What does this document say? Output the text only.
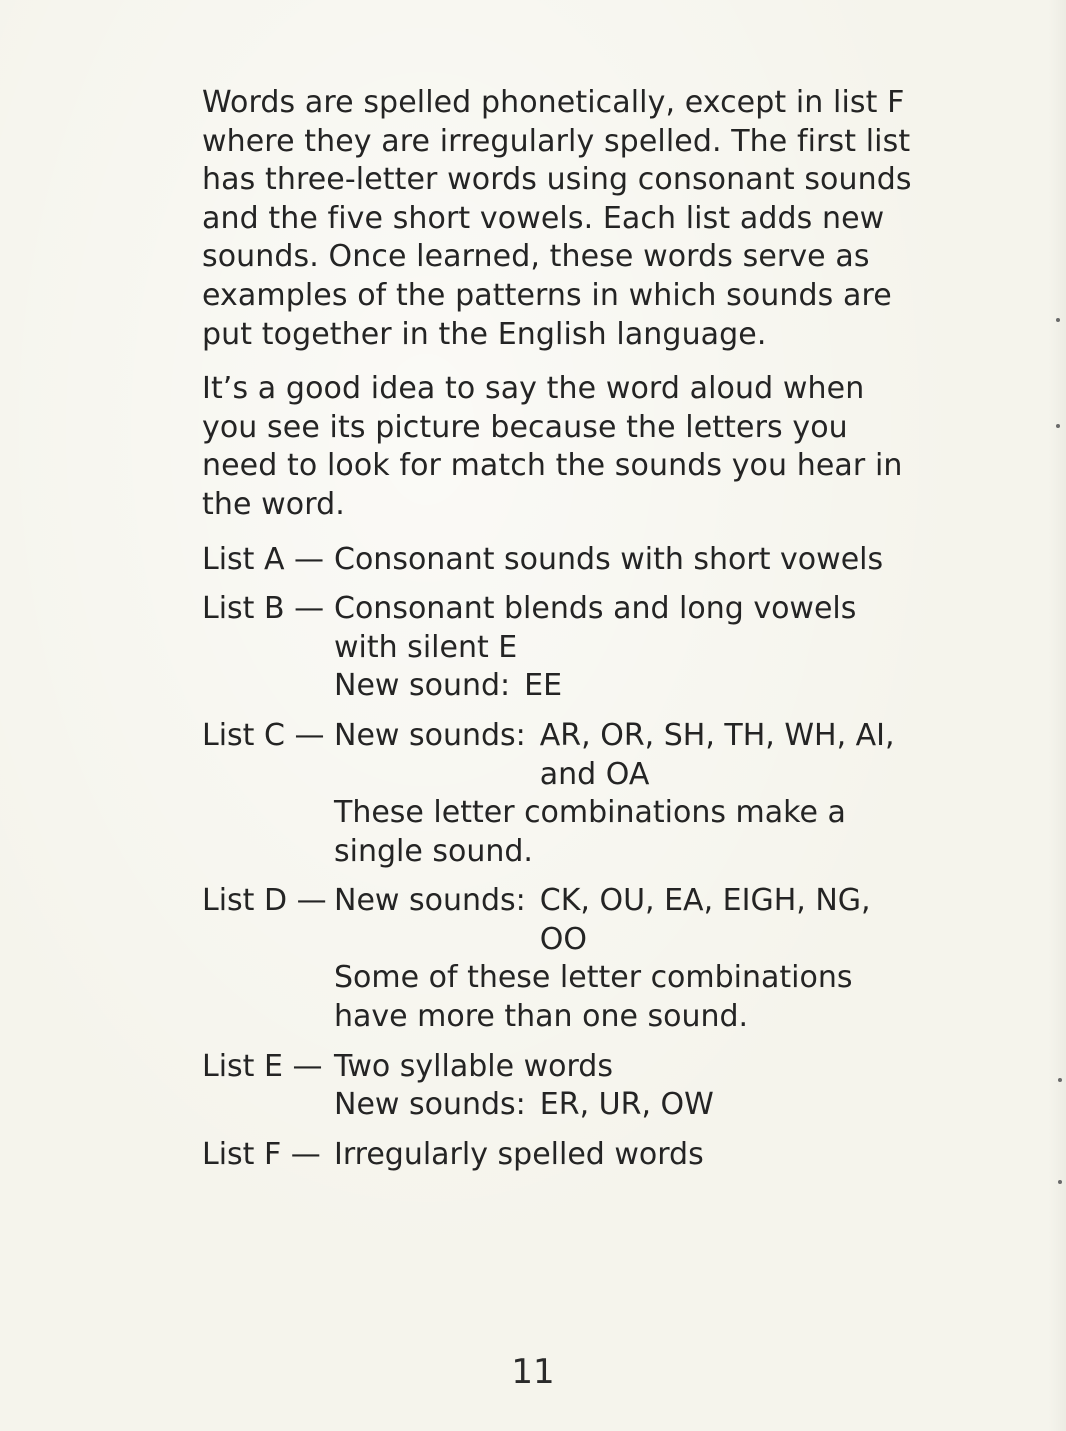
Words are spelled phonetically, except in list F where they are irregularly spelled. The first list has three-letter words using consonant sounds and the five short vowels. Each list adds new sounds. Once learned, these words serve as examples of the patterns in which sounds are put together in the English language.

It’s a good idea to say the word aloud when you see its picture because the letters you need to look for match the sounds you hear in the word.

List A — Consonant sounds with short vowels
List B — Consonant blends and long vowels with silent E
New sound: EE
List C — New sounds: AR, OR, SH, TH, WH, AI, and OA
These letter combinations make a single sound.
List D — New sounds: CK, OU, EA, EIGH, NG, OO
Some of these letter combinations have more than one sound.
List E — Two syllable words
New sounds: ER, UR, OW
List F — Irregularly spelled words
11
